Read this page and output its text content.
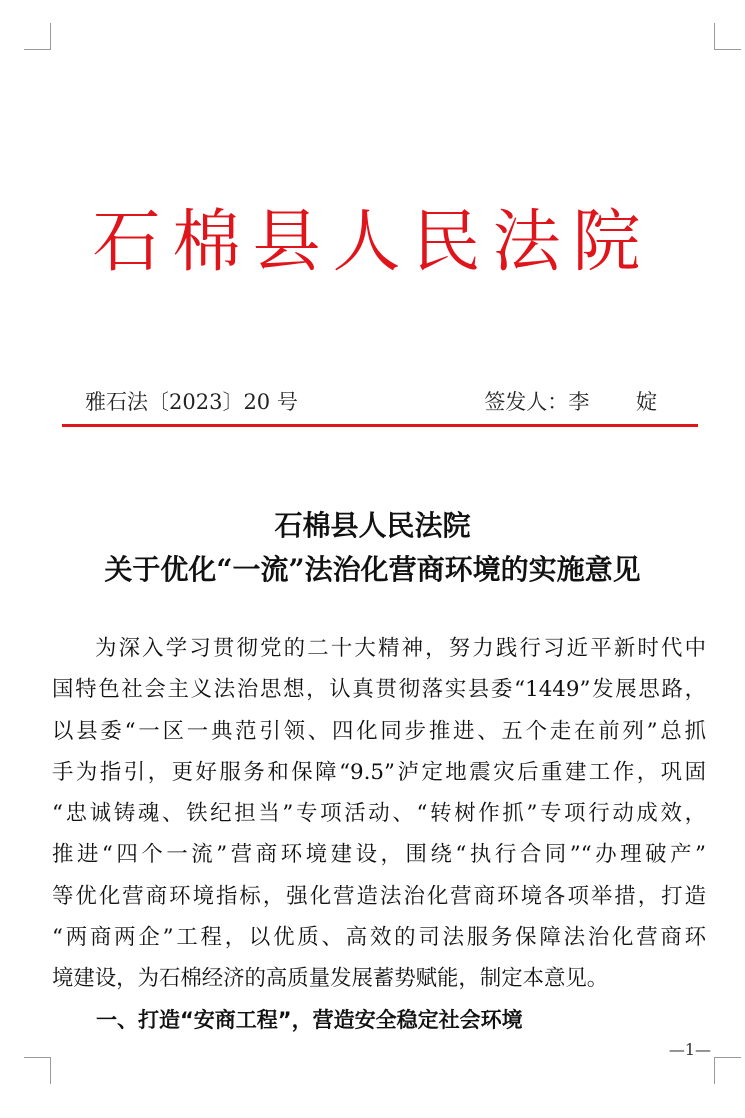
石棉县人民法院
雅石法〔2023〕20 号	签发人：李 婝
石棉县人民法院
关于优化“一流”法治化营商环境的实施意见
为深入学习贯彻党的二十大精神，努力践行习近平新时代中
国特色社会主义法治思想，认真贯彻落实县委“1449”发展思路，
以县委“一区一典范引领、四化同步推进、五个走在前列”总抓
手为指引，更好服务和保障“9.5”泸定地震灾后重建工作，巩固
“忠诚铸魂、铁纪担当”专项活动、“转树作抓”专项行动成效，
推进“四个一流”营商环境建设，围绕“执行合同”“办理破产”
等优化营商环境指标，强化营造法治化营商环境各项举措，打造
“两商两企”工程，以优质、高效的司法服务保障法治化营商环
境建设，为石棉经济的高质量发展蓄势赋能，制定本意见。
一、打造“安商工程”，营造安全稳定社会环境
—1—
